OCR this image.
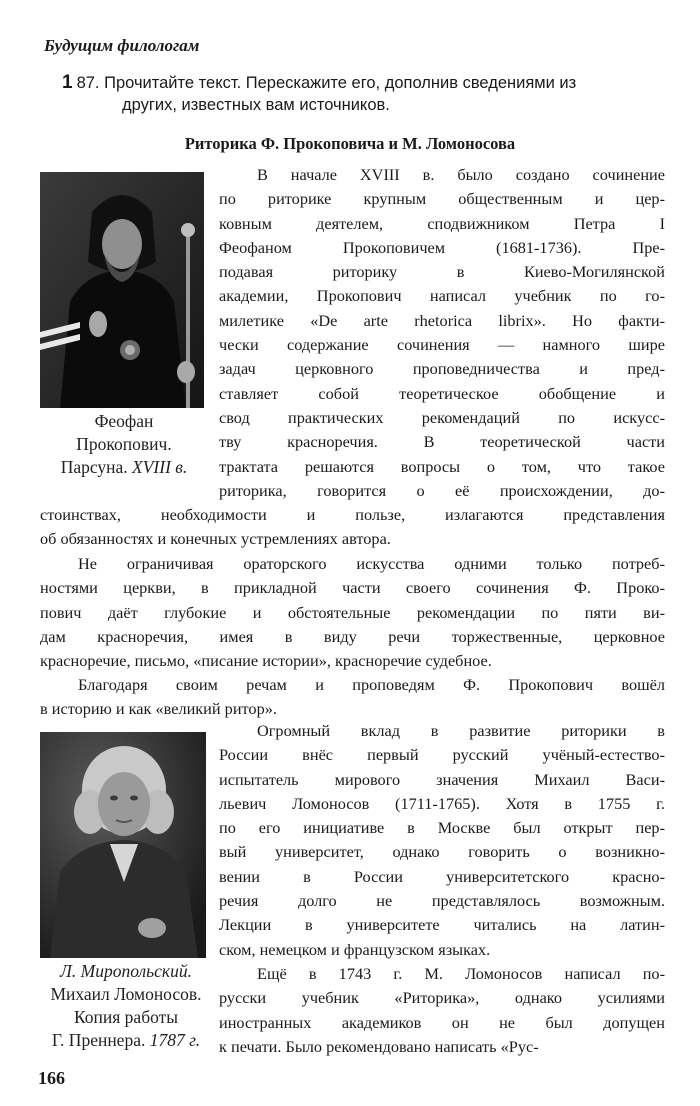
Будущим филологам
1 87. Прочитайте текст. Перескажите его, дополнив сведениями из
других, известных вам источников.
Риторика Ф. Прокоповича и М. Ломоносова
Феофан
Прокопович.
Парсуна. XVIII в.
В начале XVIII в. было создано сочинение
по риторике крупным общественным и цер-
ковным деятелем, сподвижником Петра I
Феофаном Прокоповичем (1681-1736). Пре-
подавая риторику в Киево-Могилянской
академии, Прокопович написал учебник по го-
милетике «De arte rhetorica librix». Но факти-
чески содержание сочинения — намного шире
задач церковного проповедничества и пред-
ставляет собой теоретическое обобщение и
свод практических рекомендаций по искусс-
тву красноречия. В теоретической части
трактата решаются вопросы о том, что такое
риторика, говорится о её происхождении, до-
стоинствах, необходимости и пользе, излагаются представления
об обязанностях и конечных устремлениях автора.
Не ограничивая ораторского искусства одними только потреб-
ностями церкви, в прикладной части своего сочинения Ф. Проко-
пович даёт глубокие и обстоятельные рекомендации по пяти ви-
дам красноречия, имея в виду речи торжественные, церковное
красноречие, письмо, «писание истории», красноречие судебное.
Благодаря своим речам и проповедям Ф. Прокопович вошёл
в историю и как «великий ритор».
Л. Миропольский.
Михаил Ломоносов.
Копия работы
Г. Преннера. 1787 г.
Огромный вклад в развитие риторики в
России внёс первый русский учёный-естество-
испытатель мирового значения Михаил Васи-
льевич Ломоносов (1711-1765). Хотя в 1755 г.
по его инициативе в Москве был открыт пер-
вый университет, однако говорить о возникно-
вении в России университетского красно-
речия долго не представлялось возможным.
Лекции в университете читались на латин-
ском, немецком и французском языках.
Ещё в 1743 г. М. Ломоносов написал по-
русски учебник «Риторика», однако усилиями
иностранных академиков он не был допущен
к печати. Было рекомендовано написать «Рус-
166
